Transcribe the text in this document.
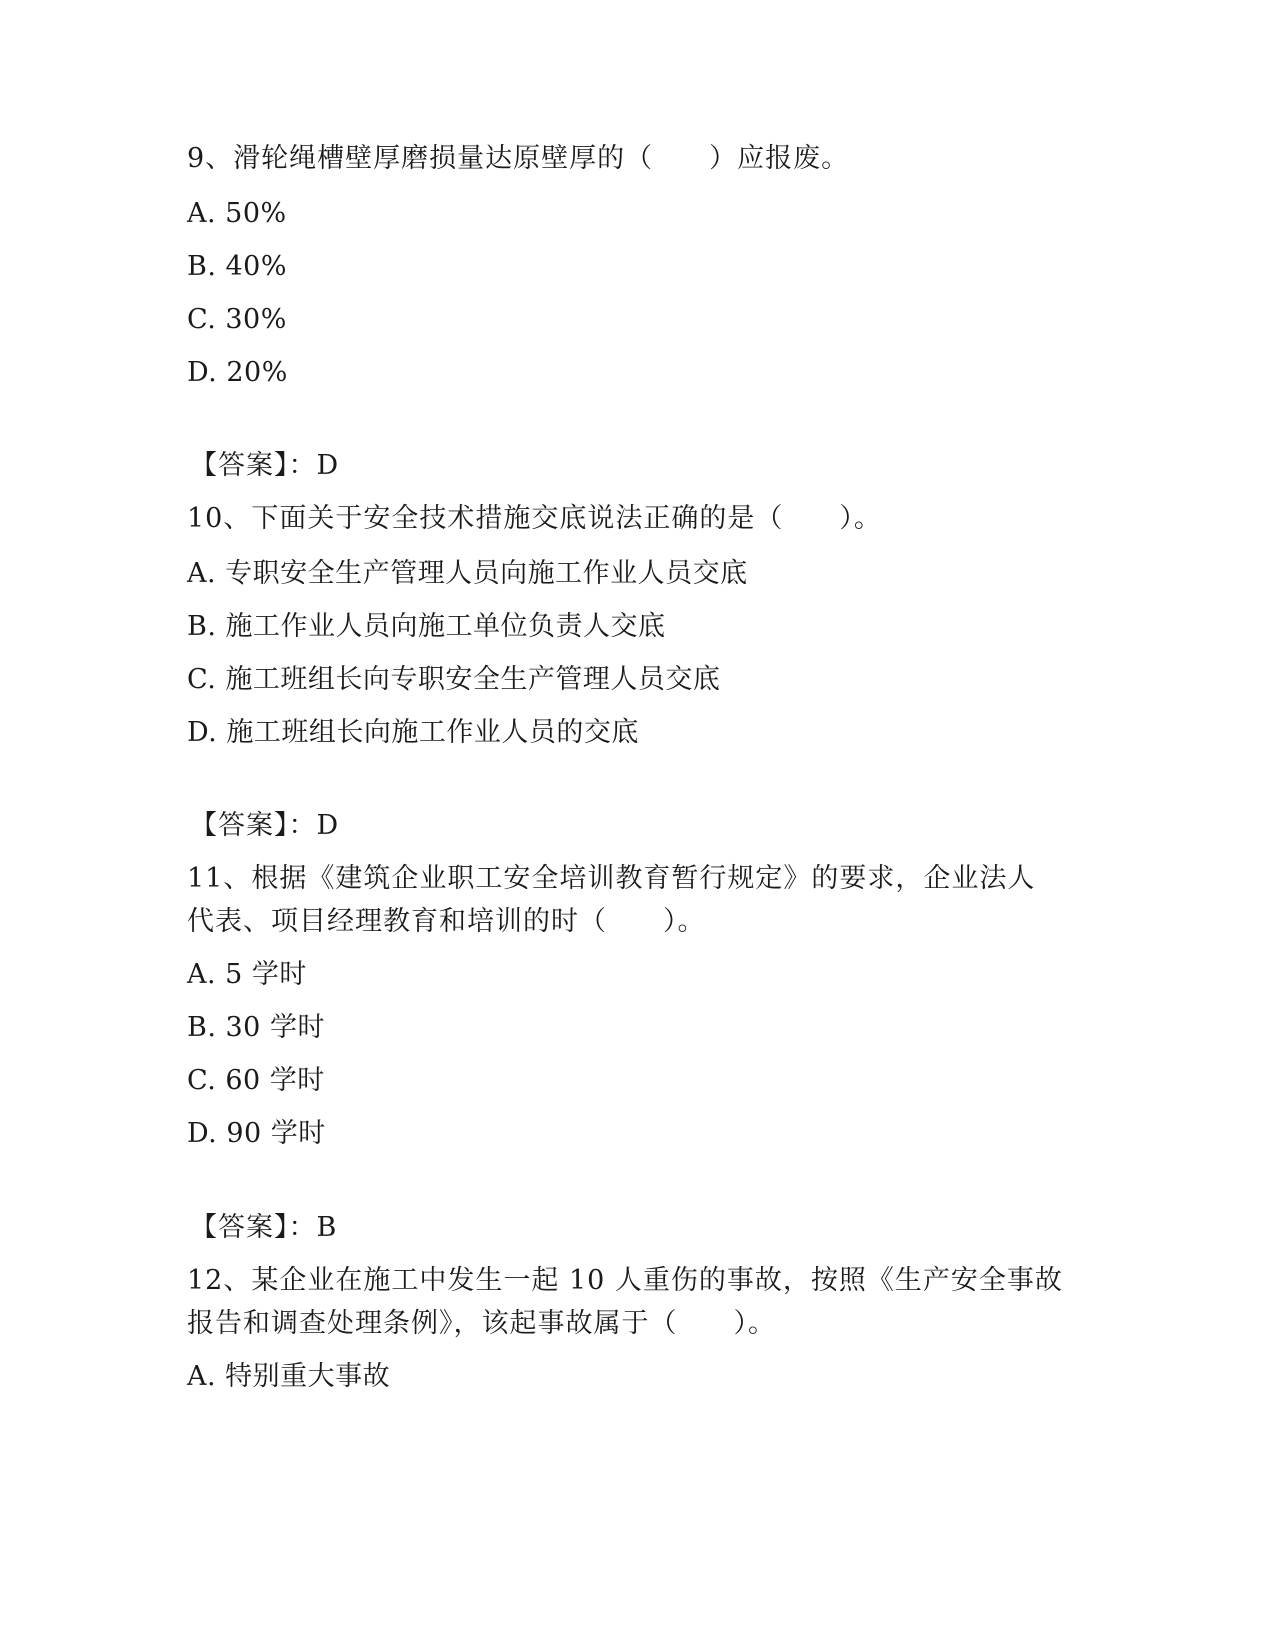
9、滑轮绳槽壁厚磨损量达原壁厚的（　　）应报废。
A. 50%
B. 40%
C. 30%
D. 20%
【答案】：D
10、下面关于安全技术措施交底说法正确的是（　　）。
A. 专职安全生产管理人员向施工作业人员交底
B. 施工作业人员向施工单位负责人交底
C. 施工班组长向专职安全生产管理人员交底
D. 施工班组长向施工作业人员的交底
【答案】：D
11、根据《建筑企业职工安全培训教育暂行规定》的要求，企业法人
代表、项目经理教育和培训的时（　　）。
A. 5 学时
B. 30 学时
C. 60 学时
D. 90 学时
【答案】：B
12、某企业在施工中发生一起 10 人重伤的事故，按照《生产安全事故
报告和调查处理条例》，该起事故属于（　　）。
A. 特别重大事故
